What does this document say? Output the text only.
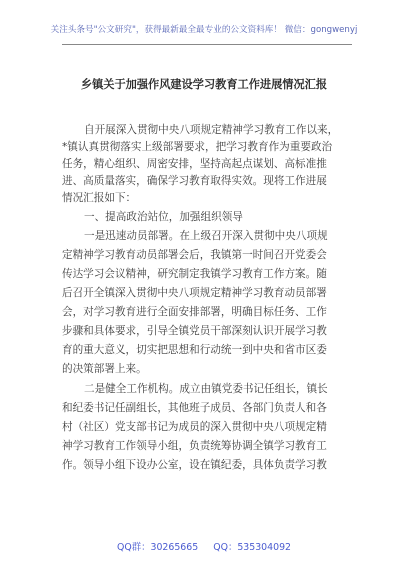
关注头条号"公文研究"，获得最新最全最专业的公文资料库！ 微信：gongwenyj
乡镇关于加强作风建设学习教育工作进展情况汇报
自开展深入贯彻中央八项规定精神学习教育工作以来，
*镇认真贯彻落实上级部署要求，把学习教育作为重要政治
任务，精心组织、周密安排，坚持高起点谋划、高标准推
进、高质量落实，确保学习教育取得实效。现将工作进展
情况汇报如下：
一、提高政治站位，加强组织领导
一是迅速动员部署。在上级召开深入贯彻中央八项规
定精神学习教育动员部署会后，我镇第一时间召开党委会
传达学习会议精神，研究制定我镇学习教育工作方案。随
后召开全镇深入贯彻中央八项规定精神学习教育动员部署
会，对学习教育进行全面安排部署，明确目标任务、工作
步骤和具体要求，引导全镇党员干部深刻认识开展学习教
育的重大意义，切实把思想和行动统一到中央和省市区委
的决策部署上来。
二是健全工作机构。成立由镇党委书记任组长，镇长
和纪委书记任副组长，其他班子成员、各部门负责人和各
村（社区）党支部书记为成员的深入贯彻中央八项规定精
神学习教育工作领导小组，负责统筹协调全镇学习教育工
作。领导小组下设办公室，设在镇纪委，具体负责学习教
QQ群：30265665 QQ：535304092
